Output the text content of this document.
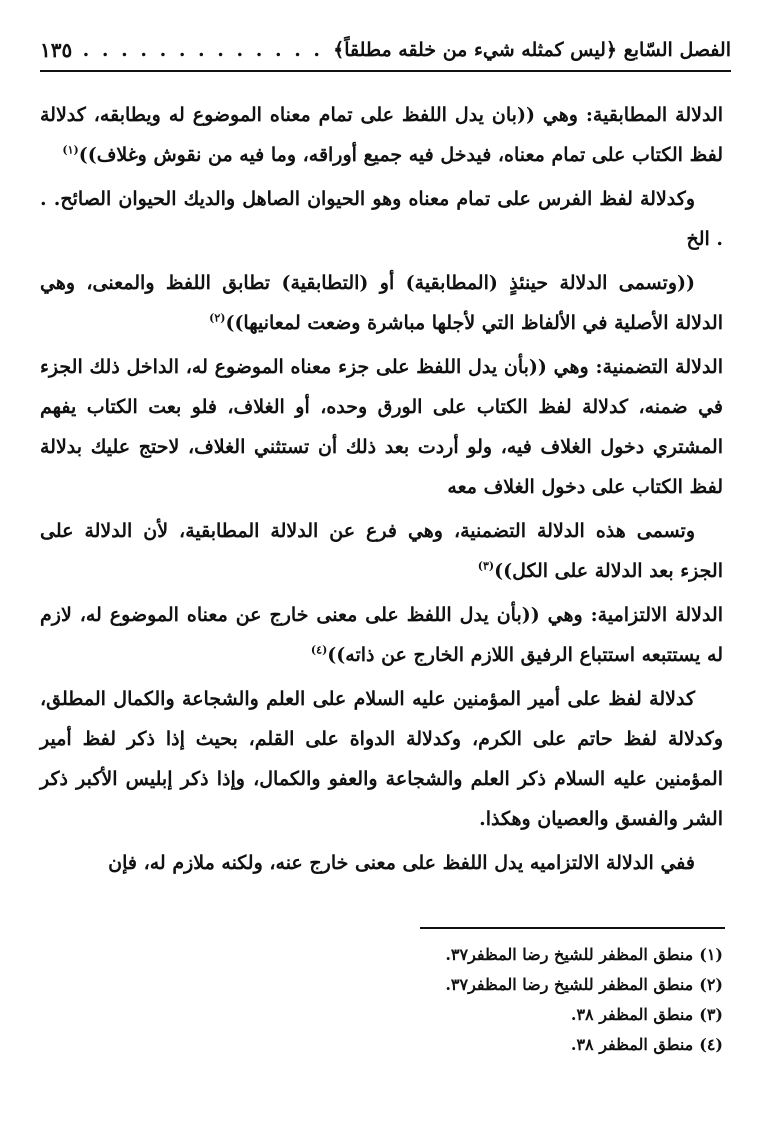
الفصل السّابع ﴿ليس كمثله شيء من خلقه مطلقاً﴾
. . .
١٣٥

الدلالة المطابقية: وهي ((بان يدل اللفظ على تمام معناه الموضوع له ويطابقه، كدلالة لفظ الكتاب على تمام معناه، فيدخل فيه جميع أوراقه، وما فيه من نقوش وغلاف))$^{(١)}$

وكدلالة لفظ الفرس على تمام معناه وهو الحيوان الصاهل والديك الحيوان الصائح. . . الخ

((وتسمى الدلالة حينئذٍ (المطابقية) أو (التطابقية) تطابق اللفظ والمعنى، وهي الدلالة الأصلية في الألفاظ التي لأجلها مباشرة وضعت لمعانيها))$^{(٢)}$

الدلالة التضمنية: وهي ((بأن يدل اللفظ على جزء معناه الموضوع له، الداخل ذلك الجزء في ضمنه، كدلالة لفظ الكتاب على الورق وحده، أو الغلاف، فلو بعت الكتاب يفهم المشتري دخول الغلاف فيه، ولو أردت بعد ذلك أن تستثني الغلاف، لاحتج عليك بدلالة لفظ الكتاب على دخول الغلاف معه

وتسمى هذه الدلالة التضمنية، وهي فرع عن الدلالة المطابقية، لأن الدلالة على الجزء بعد الدلالة على الكل))$^{(٣)}$

الدلالة الالتزامية: وهي ((بأن يدل اللفظ على معنى خارج عن معناه الموضوع له، لازم له يستتبعه استتباع الرفيق اللازم الخارج عن ذاته))$^{(٤)}$

كدلالة لفظ على أمير المؤمنين عليه السلام على العلم والشجاعة والكمال المطلق، وكدلالة لفظ حاتم على الكرم، وكدلالة الدواة على القلم، بحيث إذا ذكر لفظ أمير المؤمنين عليه السلام ذكر العلم والشجاعة والعفو والكمال، وإذا ذكر إبليس الأكبر ذكر الشر والفسق والعصيان وهكذا.

ففي الدلالة الالتزاميه يدل اللفظ على معنى خارج عنه، ولكنه ملازم له، فإن

(١)
منطق المظفر للشيخ رضا المظفر٣٧.
(٢)
منطق المظفر للشيخ رضا المظفر٣٧.
(٣)
منطق المظفر ٣٨.
(٤)
منطق المظفر ٣٨.
